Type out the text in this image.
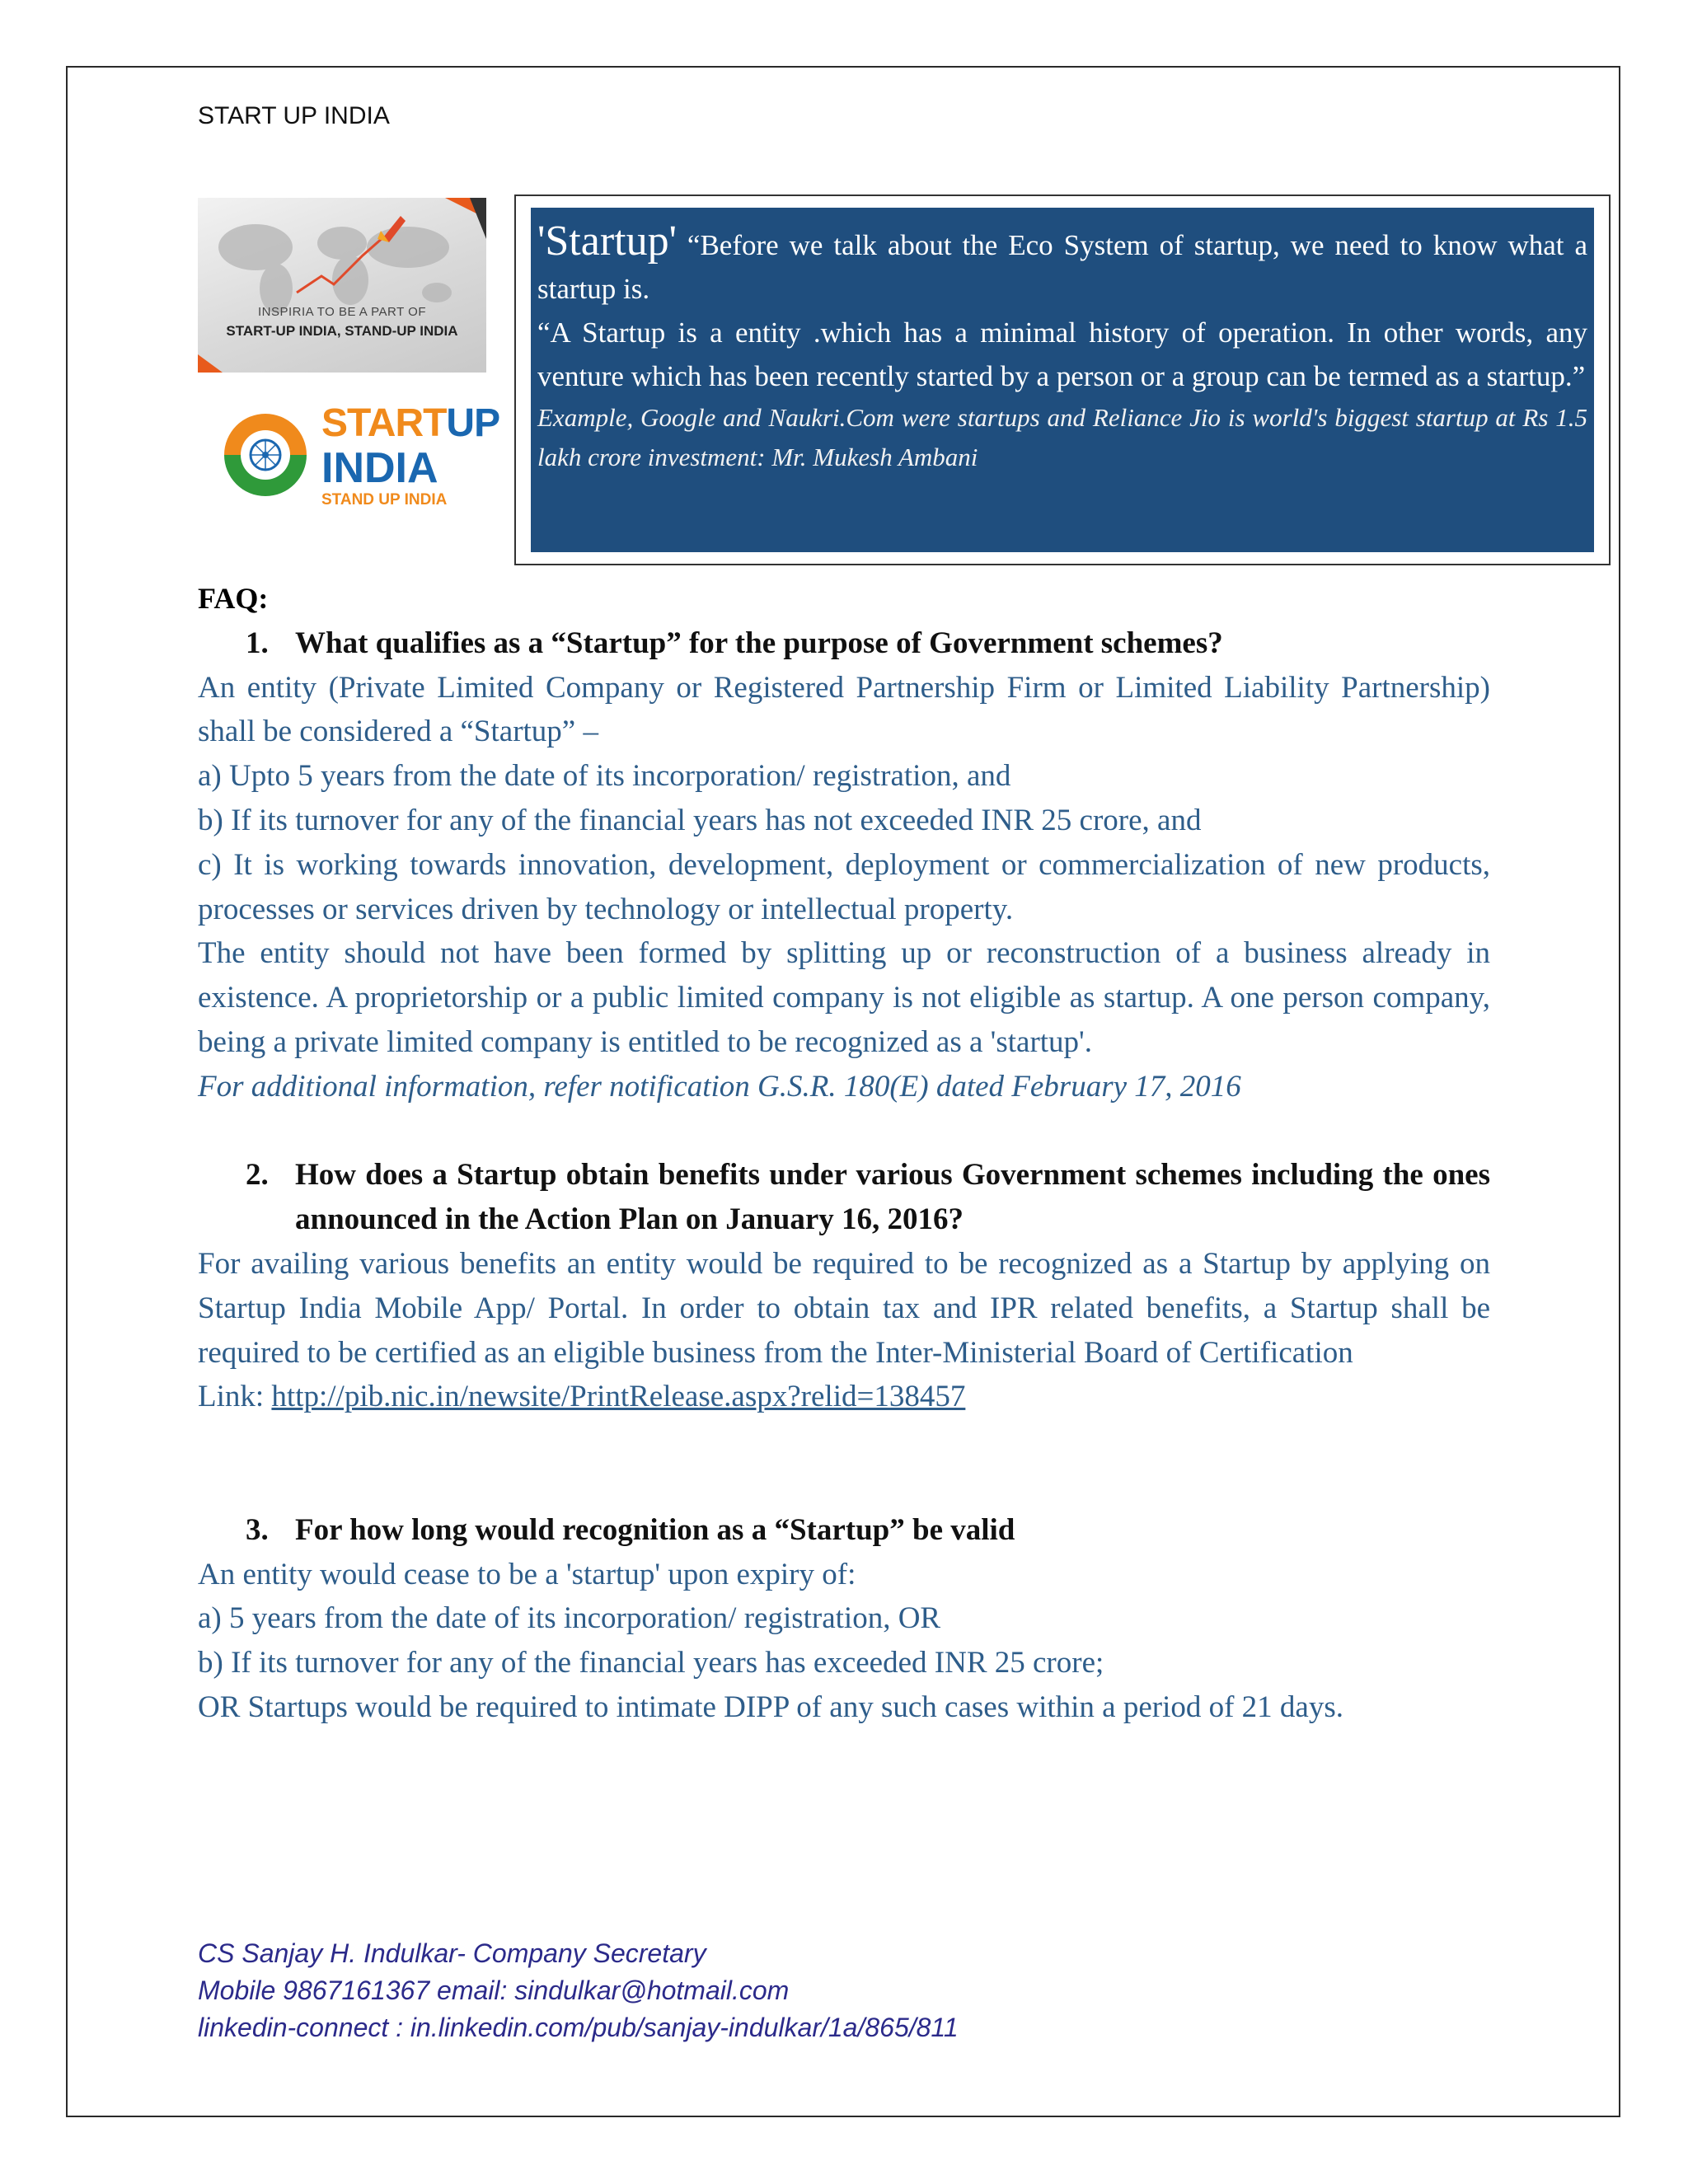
START UP INDIA
INSPIRIA TO BE A PART OF
START-UP INDIA, STAND-UP INDIA
STARTUP
INDIA
STAND UP INDIA

'Startup' “Before we talk about the Eco System of startup, we need to know what a startup is.

“A Startup is a entity .which has a minimal history of operation. In other words, any venture which has been recently started by a person or a group can be termed as a startup.”

Example, Google and Naukri.Com were startups and Reliance Jio is world's biggest startup at Rs 1.5 lakh crore investment: Mr. Mukesh Ambani

FAQ:

1. What qualifies as a “Startup” for the purpose of Government schemes?

An entity (Private Limited Company or Registered Partnership Firm or Limited Liability Partnership) shall be considered a “Startup” –

a) Upto 5 years from the date of its incorporation/ registration, and

b) If its turnover for any of the financial years has not exceeded INR 25 crore, and

c) It is working towards innovation, development, deployment or commercialization of new products, processes or services driven by technology or intellectual property.

The entity should not have been formed by splitting up or reconstruction of a business already in existence. A proprietorship or a public limited company is not eligible as startup. A one person company, being a private limited company is entitled to be recognized as a 'startup'.

For additional information, refer notification G.S.R. 180(E) dated February 17, 2016

2. How does a Startup obtain benefits under various Government schemes including the ones announced in the Action Plan on January 16, 2016?

For availing various benefits an entity would be required to be recognized as a Startup by applying on Startup India Mobile App/ Portal. In order to obtain tax and IPR related benefits, a Startup shall be required to be certified as an eligible business from the Inter-Ministerial Board of Certification

Link: http://pib.nic.in/newsite/PrintRelease.aspx?relid=138457

3. For how long would recognition as a “Startup” be valid

An entity would cease to be a 'startup' upon expiry of:

a) 5 years from the date of its incorporation/ registration, OR

b) If its turnover for any of the financial years has exceeded INR 25 crore;

OR Startups would be required to intimate DIPP of any such cases within a period of 21 days.

CS Sanjay H. Indulkar- Company Secretary

Mobile 9867161367 email: sindulkar@hotmail.com

linkedin-connect : in.linkedin.com/pub/sanjay-indulkar/1a/865/811
